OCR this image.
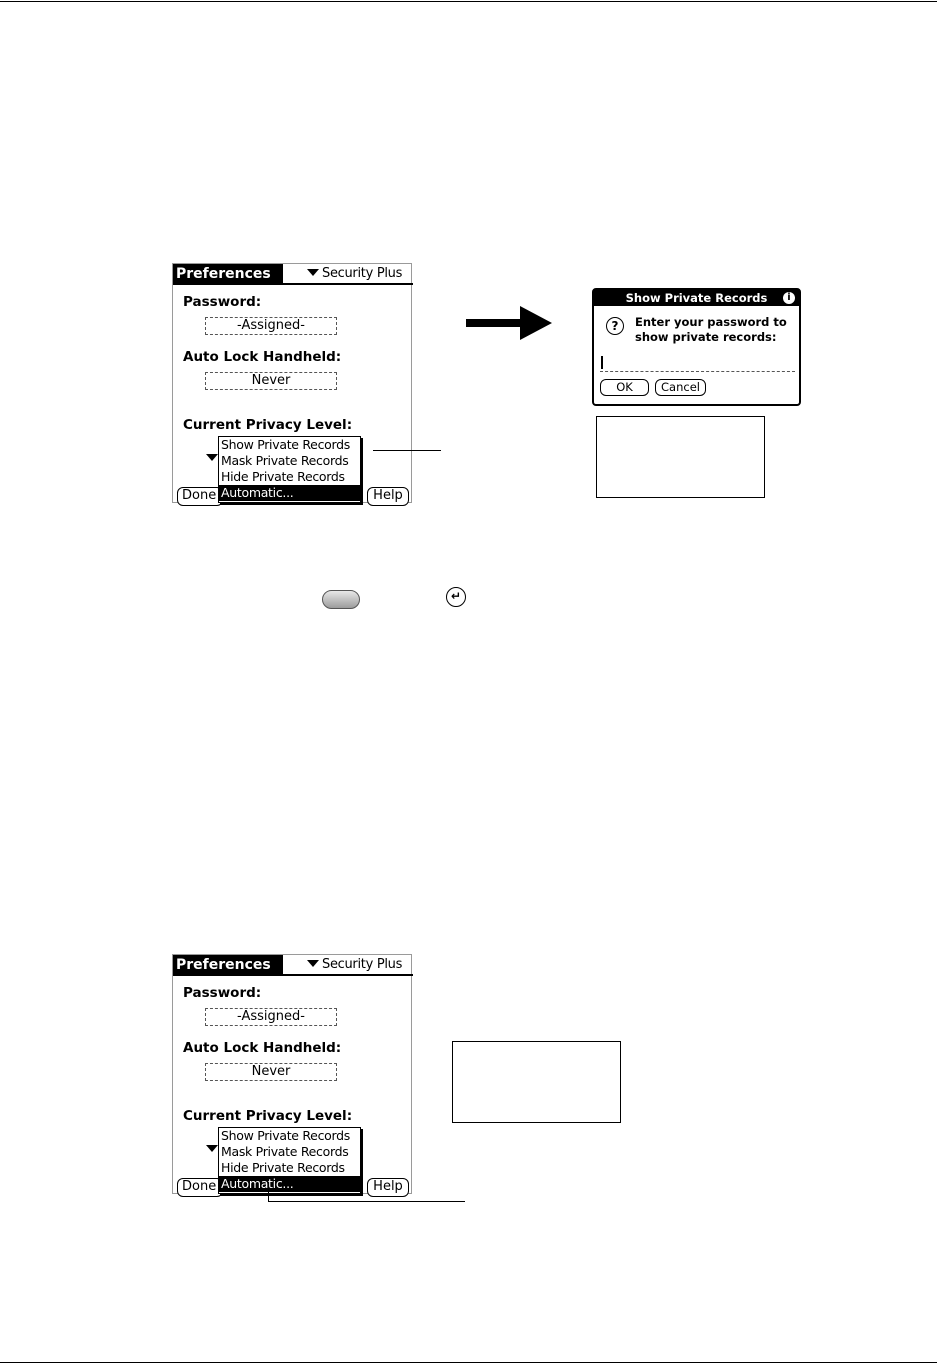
Preferences	Security Plus
Password:
-Assigned-
Auto Lock Handheld:
Never
Current Privacy Level:
Done	Help
Show Private Records
Mask Private Records
Hide Private Records
Automatic...
Show Private Records	i
?	Enter your password to show private records:
OK	Cancel
↵
Preferences	Security Plus
Password:
-Assigned-
Auto Lock Handheld:
Never
Current Privacy Level:
Done	Help
Show Private Records
Mask Private Records
Hide Private Records
Automatic...
